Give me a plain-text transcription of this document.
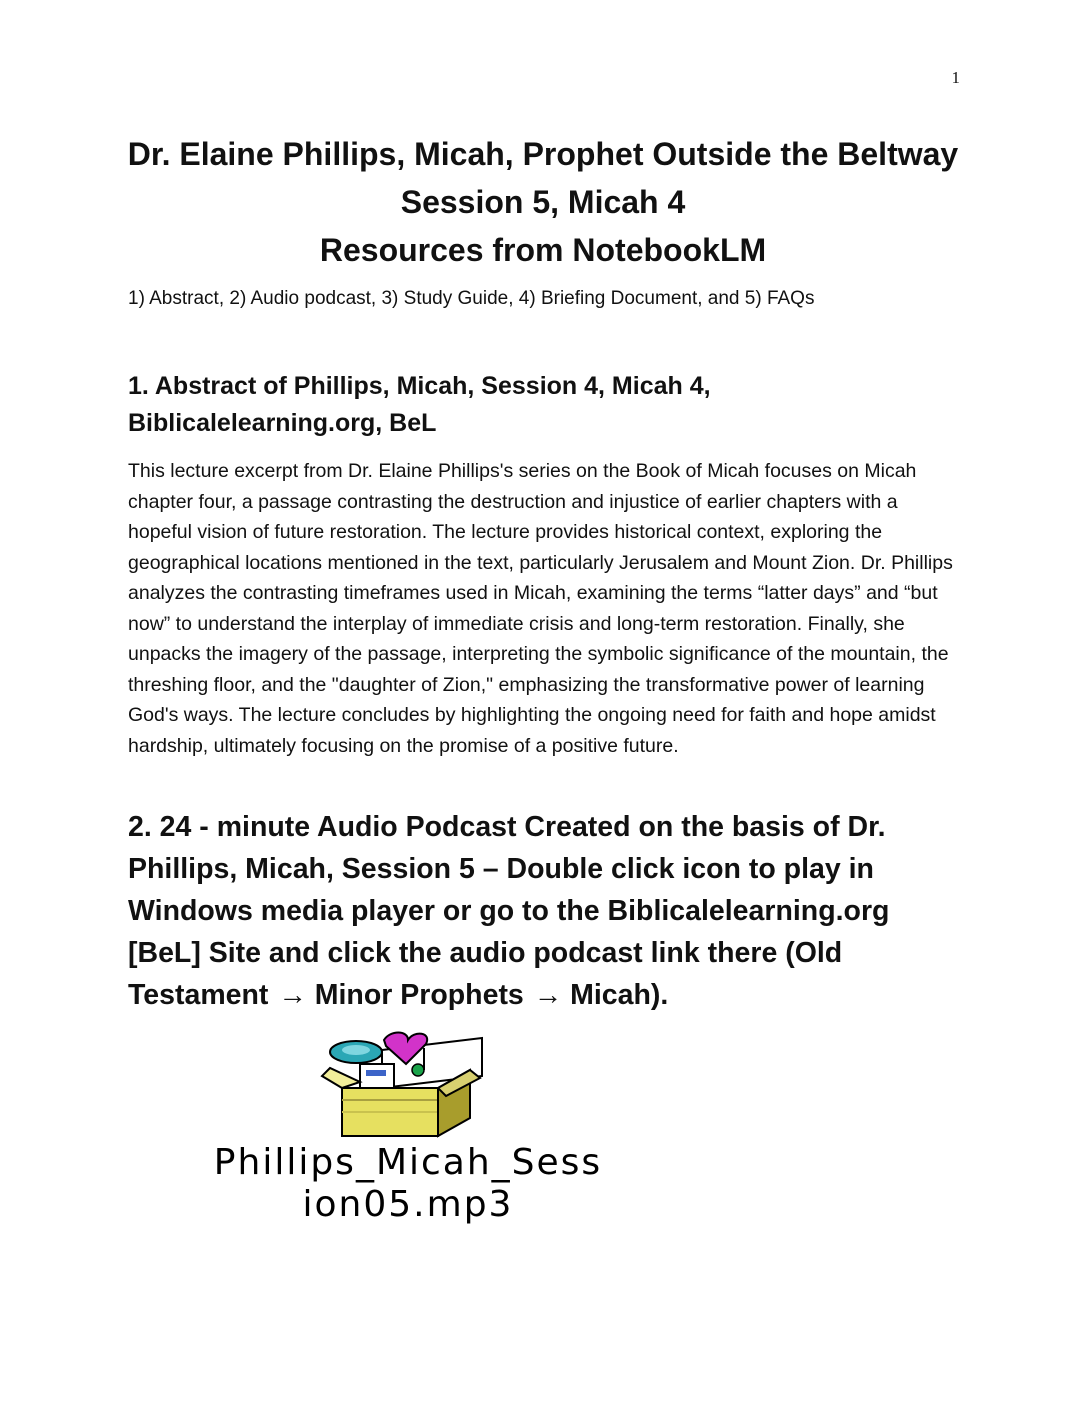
1
Dr. Elaine Phillips, Micah, Prophet Outside the Beltway
Session 5, Micah 4
Resources from NotebookLM
1) Abstract, 2) Audio podcast, 3) Study Guide, 4) Briefing Document, and 5) FAQs
1. Abstract of Phillips, Micah, Session 4, Micah 4, Biblicalelearning.org, BeL
This lecture excerpt from Dr. Elaine Phillips's series on the Book of Micah focuses on Micah chapter four, a passage contrasting the destruction and injustice of earlier chapters with a hopeful vision of future restoration. The lecture provides historical context, exploring the geographical locations mentioned in the text, particularly Jerusalem and Mount Zion. Dr. Phillips analyzes the contrasting timeframes used in Micah, examining the terms “latter days” and “but now” to understand the interplay of immediate crisis and long-term restoration. Finally, she unpacks the imagery of the passage, interpreting the symbolic significance of the mountain, the threshing floor, and the "daughter of Zion," emphasizing the transformative power of learning God's ways. The lecture concludes by highlighting the ongoing need for faith and hope amidst hardship, ultimately focusing on the promise of a positive future.
2. 24 - minute Audio Podcast Created on the basis of Dr. Phillips, Micah, Session 5 – Double click icon to play in Windows media player or go to the Biblicalelearning.org [BeL] Site and click the audio podcast link there (Old Testament → Minor Prophets → Micah).
Phillips_Micah_Sess
ion05.mp3
